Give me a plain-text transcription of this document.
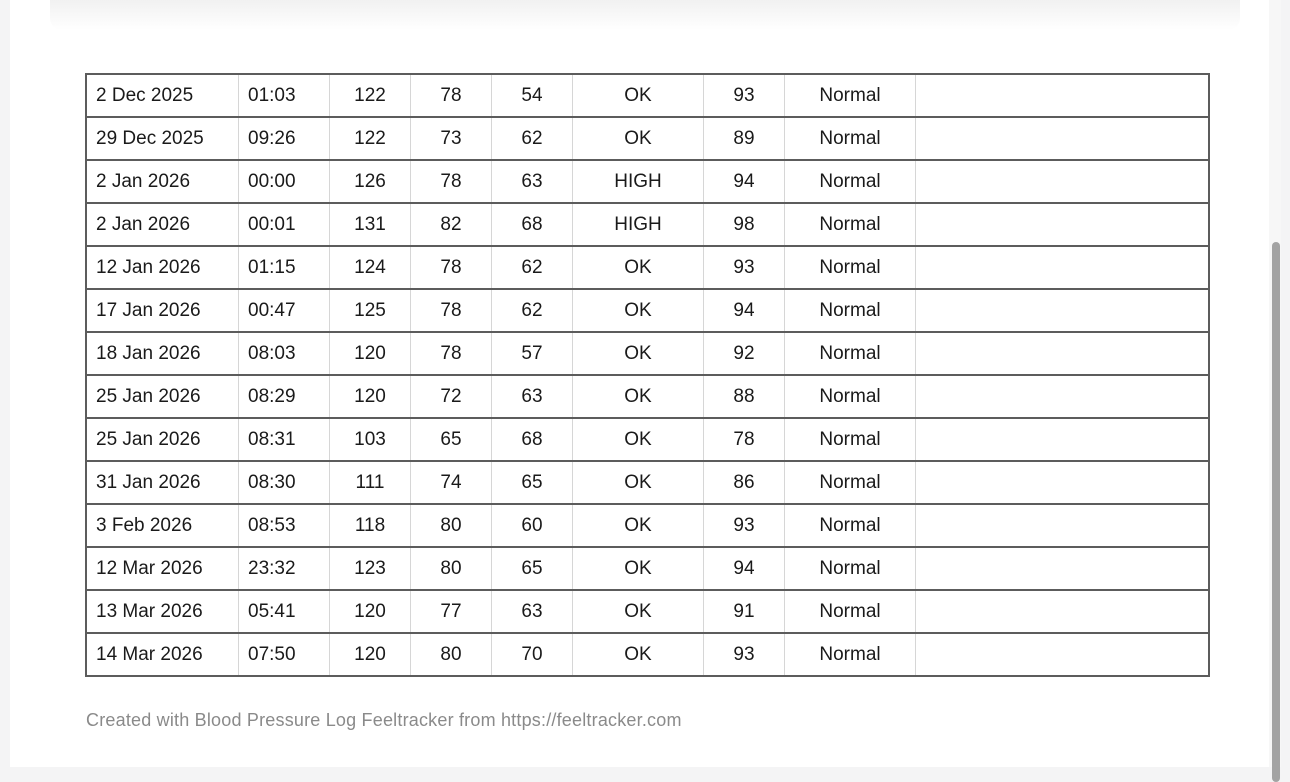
2 Dec 2025	01:03	122	78	54	OK	93	Normal	
29 Dec 2025	09:26	122	73	62	OK	89	Normal	
2 Jan 2026	00:00	126	78	63	HIGH	94	Normal	
2 Jan 2026	00:01	131	82	68	HIGH	98	Normal	
12 Jan 2026	01:15	124	78	62	OK	93	Normal	
17 Jan 2026	00:47	125	78	62	OK	94	Normal	
18 Jan 2026	08:03	120	78	57	OK	92	Normal	
25 Jan 2026	08:29	120	72	63	OK	88	Normal	
25 Jan 2026	08:31	103	65	68	OK	78	Normal	
31 Jan 2026	08:30	111	74	65	OK	86	Normal	
3 Feb 2026	08:53	118	80	60	OK	93	Normal	
12 Mar 2026	23:32	123	80	65	OK	94	Normal	
13 Mar 2026	05:41	120	77	63	OK	91	Normal	
14 Mar 2026	07:50	120	80	70	OK	93	Normal	
Created with Blood Pressure Log Feeltracker from https://feeltracker.com
